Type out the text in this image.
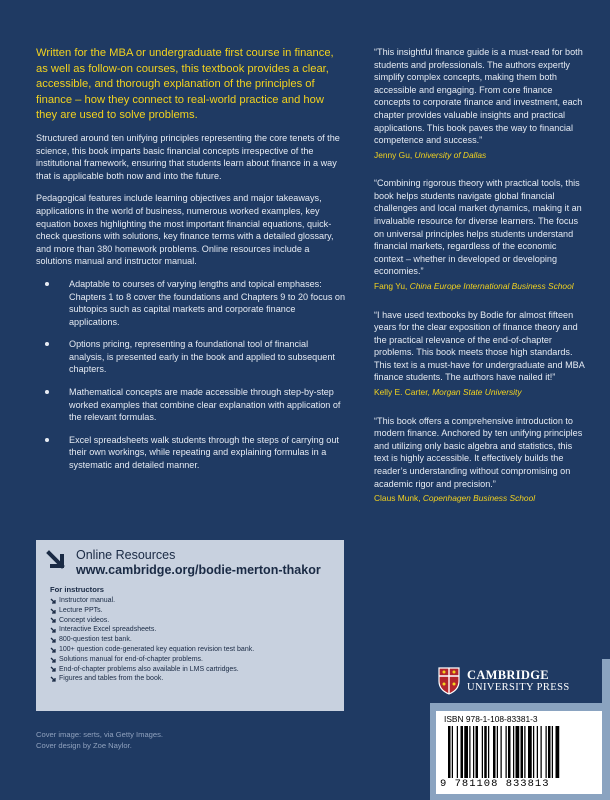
Written for the MBA or undergraduate first course in finance, as well as follow-on courses, this textbook provides a clear, accessible, and thorough explanation of the principles of finance – how they connect to real-world practice and how they are used to solve problems.

Structured around ten unifying principles representing the core tenets of the science, this book imparts basic financial concepts irrespective of the institutional framework, ensuring that students learn about finance in a way that is applicable both now and into the future.

Pedagogical features include learning objectives and major takeaways, applications in the world of business, numerous worked examples, key equation boxes highlighting the most important financial equations, quick-check questions with solutions, key finance terms with a detailed glossary, and more than 380 homework problems. Online resources include a solutions manual and instructor manual.

Adaptable to courses of varying lengths and topical emphases: Chapters 1 to 8 cover the foundations and Chapters 9 to 20 focus on subtopics such as capital markets and corporate finance applications.
Options pricing, representing a foundational tool of financial analysis, is presented early in the book and applied to subsequent chapters.
Mathematical concepts are made accessible through step-by-step worked examples that combine clear explanation with application of the relevant formulas.
Excel spreadsheets walk students through the steps of carrying out their own workings, while repeating and explaining formulas in a systematic and detailed manner.
Online Resources
www.cambridge.org/bodie-merton-thakor
For instructors
Instructor manual.
Lecture PPTs.
Concept videos.
Interactive Excel spreadsheets.
800-question test bank.
100+ question code-generated key equation revision test bank.
Solutions manual for end-of-chapter problems.
End-of-chapter problems also available in LMS cartridges.
Figures and tables from the book.
Cover image: serts, via Getty Images.
Cover design by Zoe Naylor.

“This insightful finance guide is a must-read for both students and professionals. The authors expertly simplify complex concepts, making them both accessible and engaging. From core finance concepts to corporate finance and investment, each chapter provides valuable insights and practical applications. This book paves the way to financial competence and success.”

Jenny Gu, University of Dallas

“Combining rigorous theory with practical tools, this book helps students navigate global financial challenges and local market dynamics, making it an invaluable resource for diverse learners. The focus on universal principles helps students understand financial markets, regardless of the economic context – whether in developed or developing economies.”

Fang Yu, China Europe International Business School

“I have used textbooks by Bodie for almost fifteen years for the clear exposition of finance theory and the practical relevance of the end-of-chapter problems. This book meets those high standards. This text is a must-have for undergraduate and MBA finance students. The authors have nailed it!”

Kelly E. Carter, Morgan State University

“This book offers a comprehensive introduction to modern finance. Anchored by ten unifying principles and utilizing only basic algebra and statistics, this text is highly accessible. It effectively builds the reader’s understanding without compromising on academic rigor and precision.”

Claus Munk, Copenhagen Business School

CAMBRIDGE
UNIVERSITY PRESS
ISBN 978-1-108-83381-3
9 781108 833813
